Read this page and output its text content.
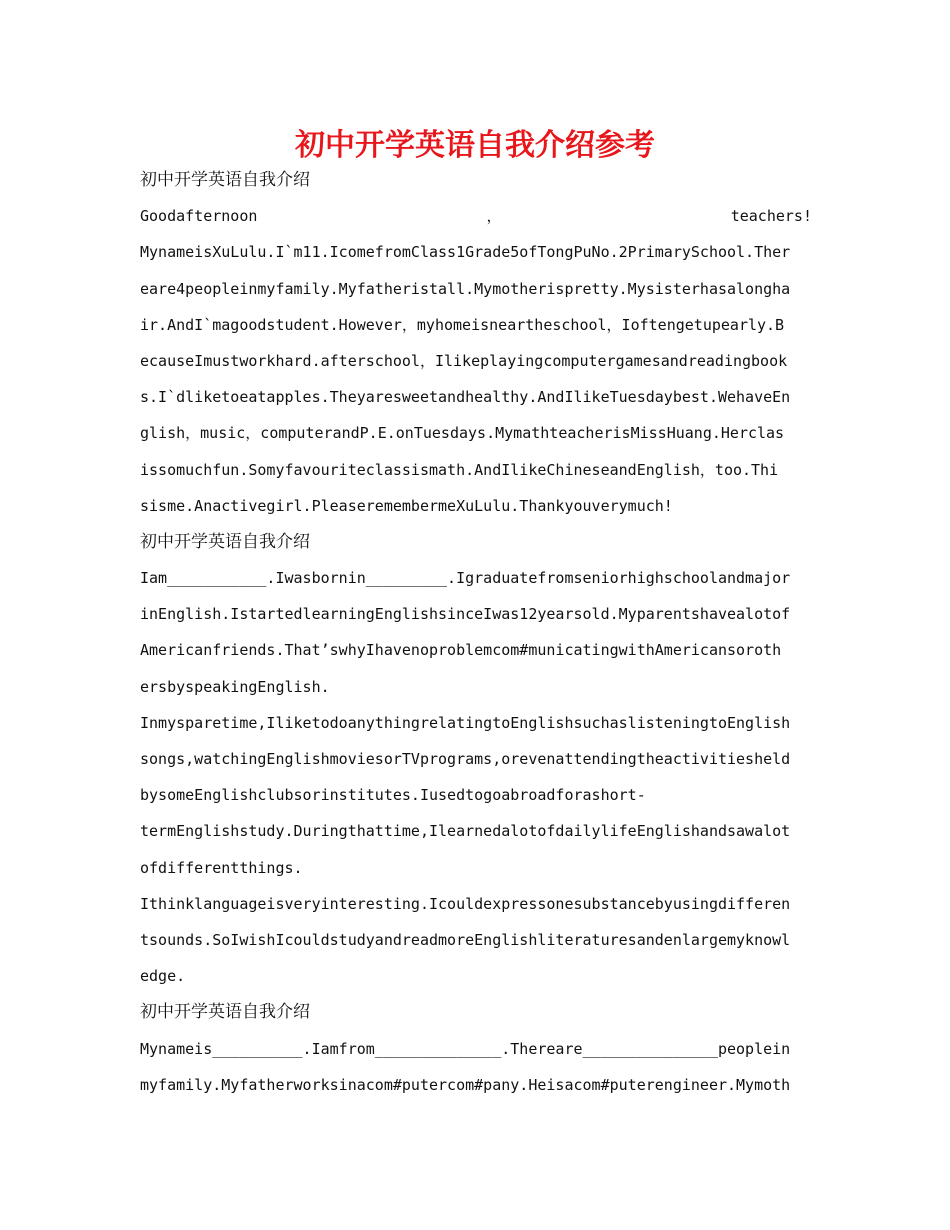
初中开学英语自我介绍参考
初中开学英语自我介绍
Goodafternoon	，	teachers!
MynameisXuLulu.I`m11.IcomefromClass1Grade5ofTongPuNo.2PrimarySchool.Ther
eare4peopleinmyfamily.Myfatheristall.Mymotherispretty.Mysisterhasalongha
ir.AndI`magoodstudent.However，myhomeisneartheschool，Ioftengetupearly.B
ecauseImustworkhard.afterschool，Ilikeplayingcomputergamesandreadingbook
s.I`dliketoeatapples.Theyaresweetandhealthy.AndIlikeTuesdaybest.WehaveEn
glish，music，computerandP.E.onTuesdays.MymathteacherisMissHuang.Herclas
issomuchfun.Somyfavouriteclassismath.AndIlikeChineseandEnglish，too.Thi
sisme.Anactivegirl.PleaseremembermeXuLulu.Thankyouverymuch!
初中开学英语自我介绍
Iam___________.Iwasbornin_________.Igraduatefromseniorhighschoolandmajor
inEnglish.IstartedlearningEnglishsinceIwas12yearsold.Myparentshavealotof
Americanfriends.That’swhyIhavenoproblemcom#municatingwithAmericansoroth
ersbyspeakingEnglish.
Inmysparetime,IliketodoanythingrelatingtoEnglishsuchaslisteningtoEnglish
songs,watchingEnglishmoviesorTVprograms,orevenattendingtheactivitiesheld
bysomeEnglishclubsorinstitutes.Iusedtogoabroadforashort-
termEnglishstudy.Duringthattime,IlearnedalotofdailylifeEnglishandsawalot
ofdifferentthings.
Ithinklanguageisveryinteresting.Icouldexpressonesubstancebyusingdifferen
tsounds.SoIwishIcouldstudyandreadmoreEnglishliteraturesandenlargemyknowl
edge.
初中开学英语自我介绍
Mynameis__________.Iamfrom______________.Thereare_______________peoplein
myfamily.Myfatherworksinacom#putercom#pany.Heisacom#puterengineer.Mymoth
